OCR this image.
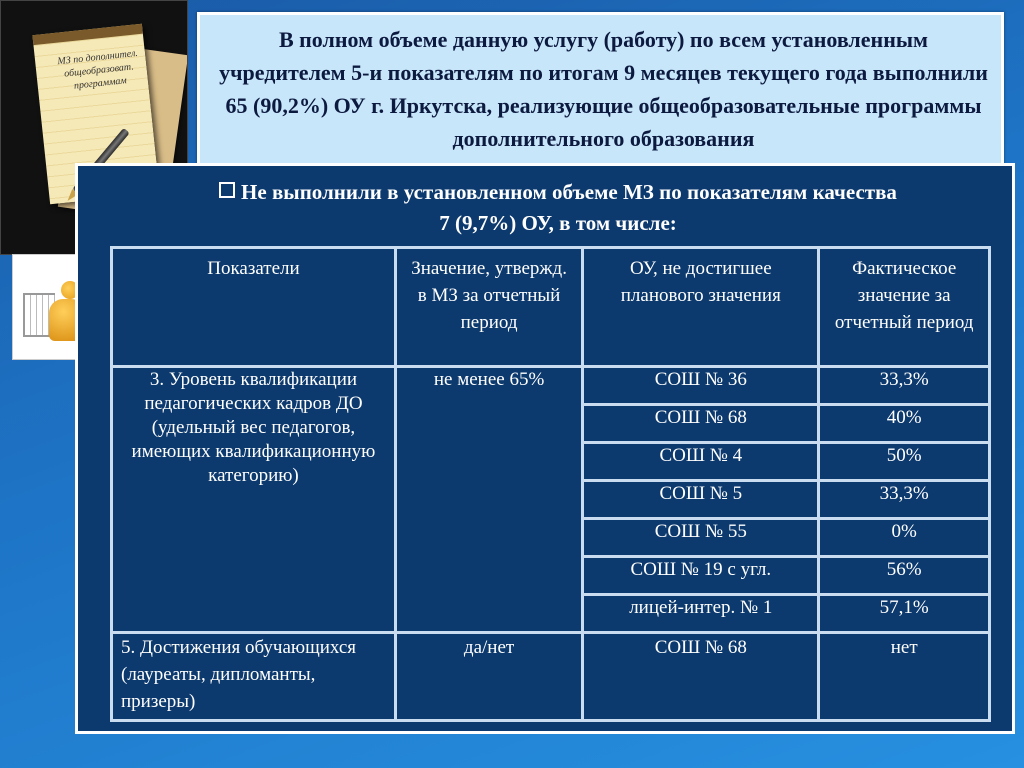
МЗ по дополнител. общеобразоват. программам
В полном объеме данную услугу (работу) по всем установленным учредителем 5-и показателям по итогам 9 месяцев текущего года выполнили 65 (90,2%) ОУ г. Иркутска, реализующие общеобразовательные программы дополнительного образования
Не выполнили в установленном объеме МЗ по показателям качества
7 (9,7%) ОУ, в том числе:
Показатели	Значение, утвержд. в МЗ за отчетный период	ОУ, не достигшее планового значения	Фактическое значение за отчетный период
3. Уровень квалификации педагогических кадров ДО (удельный вес педагогов, имеющих квалификационную категорию)	не менее 65%	СОШ № 36	33,3%
		СОШ № 68	40%
		СОШ № 4	50%
		СОШ № 5	33,3%
		СОШ № 55	0%
		СОШ № 19 с угл.	56%
		лицей-интер. № 1	57,1%
5. Достижения обучающихся (лауреаты, дипломанты, призеры)	да/нет	СОШ № 68	нет
